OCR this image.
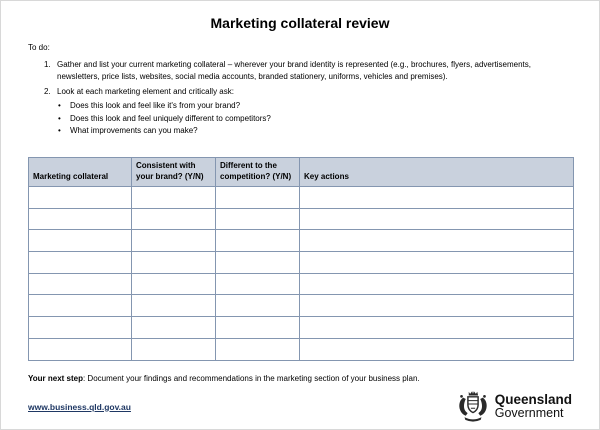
Marketing collateral review
To do:
1. Gather and list your current marketing collateral – wherever your brand identity is represented (e.g., brochures, flyers, advertisements, newsletters, price lists, websites, social media accounts, branded stationery, uniforms, vehicles and premises).
2. Look at each marketing element and critically ask:
•	Does this look and feel like it's from your brand?
•	Does this look and feel uniquely different to competitors?
•	What improvements can you make?
Marketing collateral	Consistent with your brand? (Y/N)	Different to the competition? (Y/N)	Key actions

Your next step: Document your findings and recommendations in the marketing section of your business plan.
www.business.qld.gov.au	Queensland
Government
